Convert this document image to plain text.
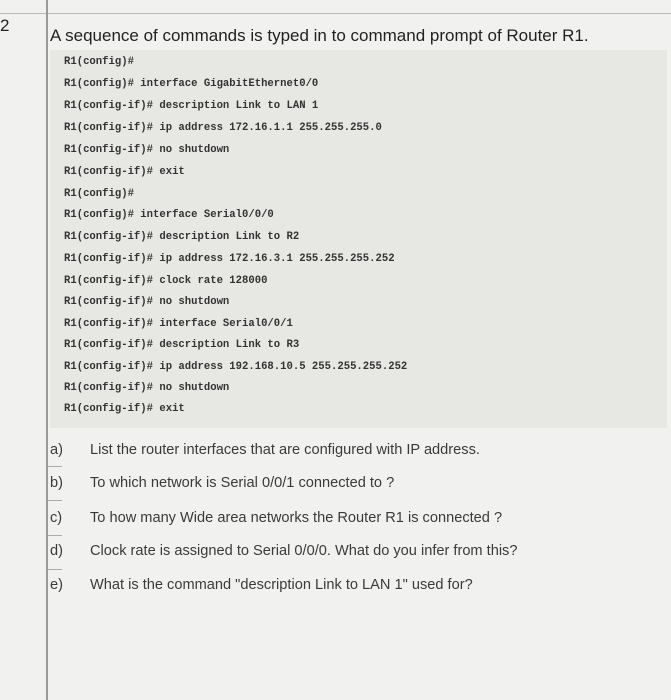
2
A sequence of commands is typed in to command prompt of Router R1.
R1(config)#
R1(config)# interface GigabitEthernet0/0
R1(config-if)# description Link to LAN 1
R1(config-if)# ip address 172.16.1.1 255.255.255.0
R1(config-if)# no shutdown
R1(config-if)# exit
R1(config)#
R1(config)# interface Serial0/0/0
R1(config-if)# description Link to R2
R1(config-if)# ip address 172.16.3.1 255.255.255.252
R1(config-if)# clock rate 128000
R1(config-if)# no shutdown
R1(config-if)# interface Serial0/0/1
R1(config-if)# description Link to R3
R1(config-if)# ip address 192.168.10.5 255.255.255.252
R1(config-if)# no shutdown
R1(config-if)# exit
a) List the router interfaces that are configured with IP address.
b) To which network is Serial 0/0/1 connected to ?
c) To how many Wide area networks the Router R1 is connected ?
d) Clock rate is assigned to Serial 0/0/0. What do you infer from this?
e) What is the command "description Link to LAN 1" used for?
